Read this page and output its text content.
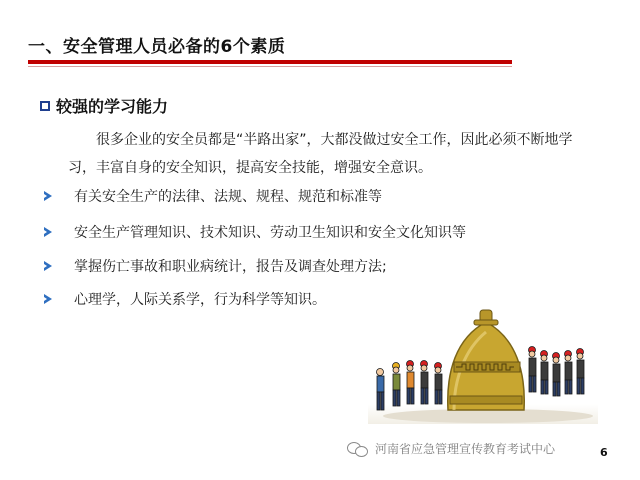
一、安全管理人员必备的6个素质
较强的学习能力
很多企业的安全员都是“半路出家”，大都没做过安全工作，因此必须不断地学习，丰富自身的安全知识，提高安全技能，增强安全意识。
有关安全生产的法律、法规、规程、规范和标准等
安全生产管理知识、技术知识、劳动卫生知识和安全文化知识等
掌握伤亡事故和职业病统计，报告及调查处理方法;
心理学，人际关系学，行为科学等知识。
河南省应急管理宣传教育考试中心	6
